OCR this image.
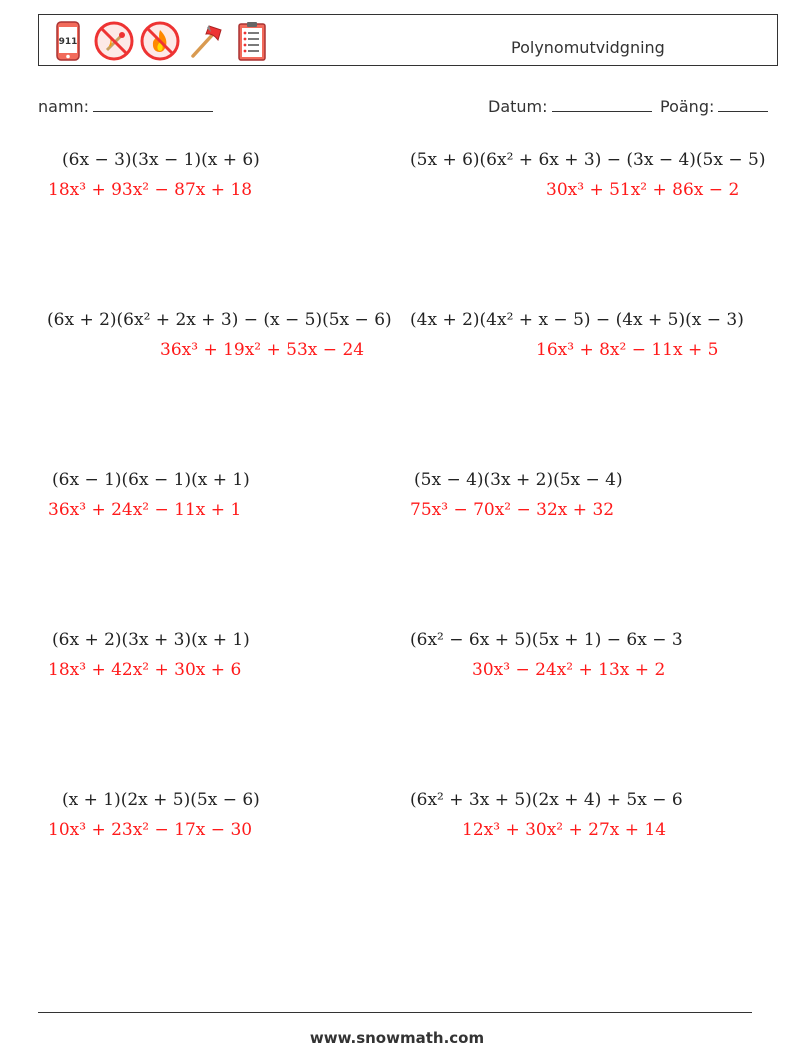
911	Polynomutvidgning
namn:	Datum:	Poäng:
(6x − 3)(3x − 1)(x + 6)
18x³ + 93x² − 87x + 18
(5x + 6)(6x² + 6x + 3) − (3x − 4)(5x − 5)
30x³ + 51x² + 86x − 2
(6x + 2)(6x² + 2x + 3) − (x − 5)(5x − 6)
36x³ + 19x² + 53x − 24
(4x + 2)(4x² + x − 5) − (4x + 5)(x − 3)
16x³ + 8x² − 11x + 5
(6x − 1)(6x − 1)(x + 1)
36x³ + 24x² − 11x + 1
(5x − 4)(3x + 2)(5x − 4)
75x³ − 70x² − 32x + 32
(6x + 2)(3x + 3)(x + 1)
18x³ + 42x² + 30x + 6
(6x² − 6x + 5)(5x + 1) − 6x − 3
30x³ − 24x² + 13x + 2
(x + 1)(2x + 5)(5x − 6)
10x³ + 23x² − 17x − 30
(6x² + 3x + 5)(2x + 4) + 5x − 6
12x³ + 30x² + 27x + 14
www.snowmath.com
